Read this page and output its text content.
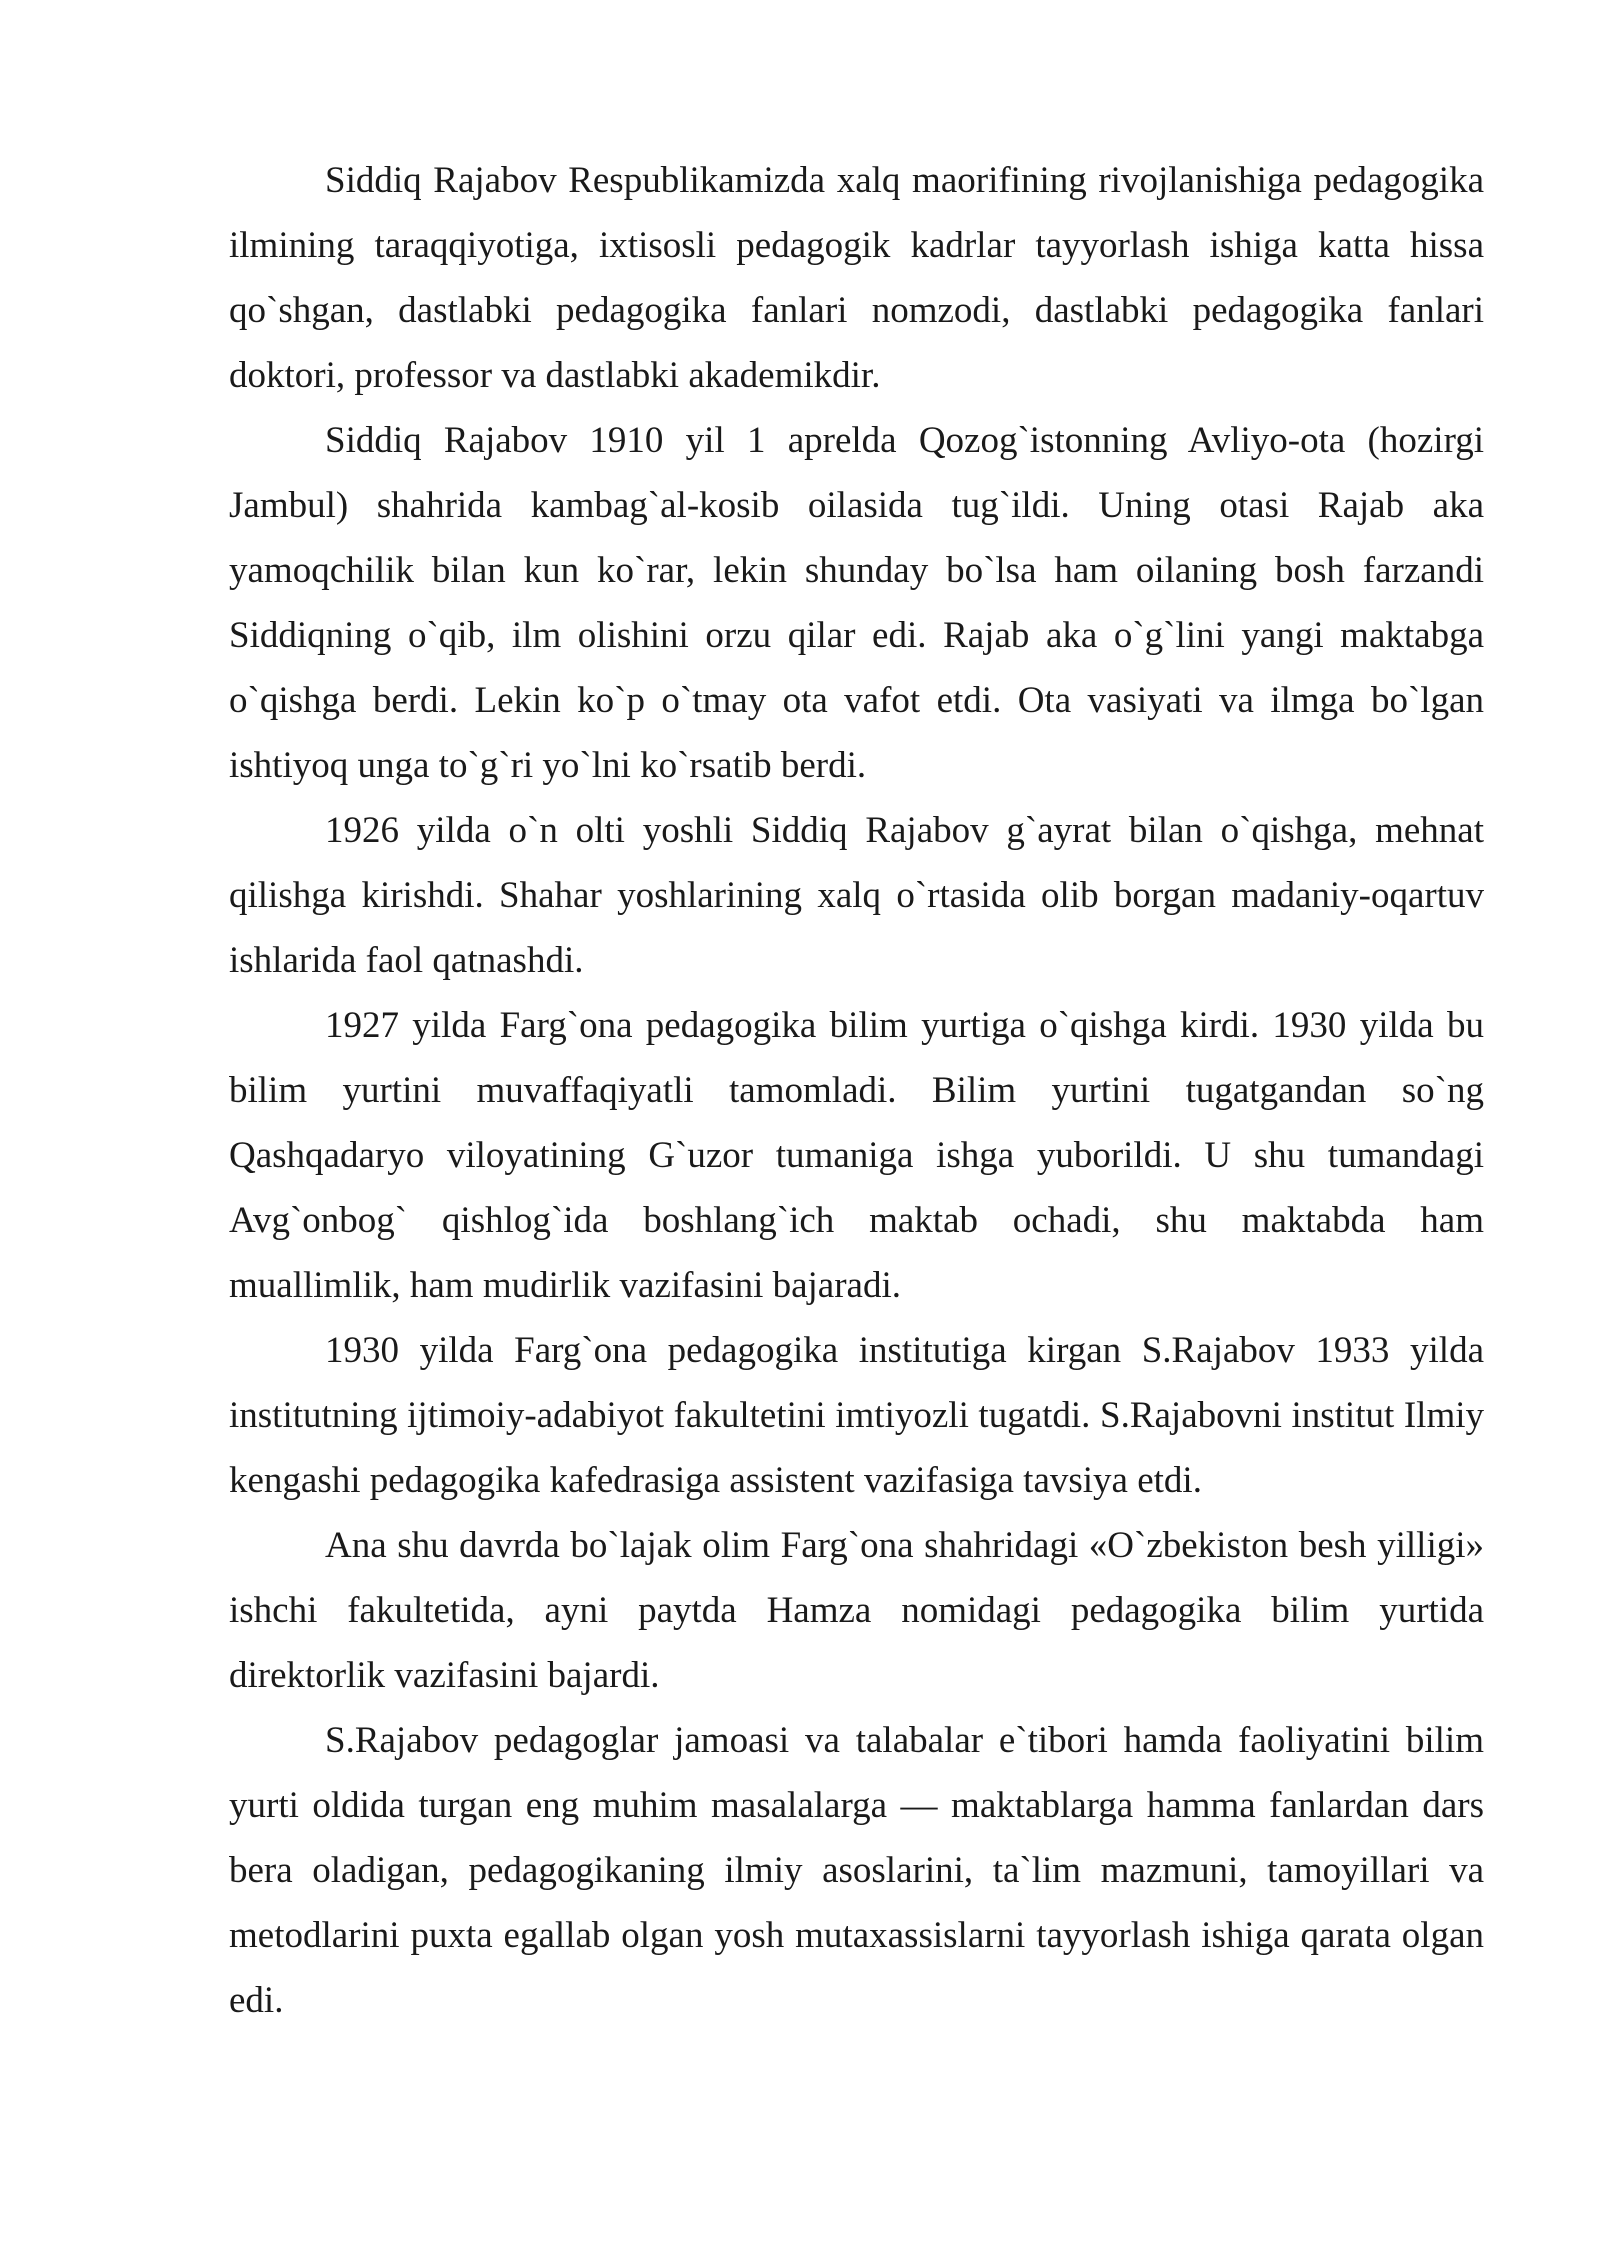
Siddiq Rajabov Respublikamizda xalq maorifining rivojlanishiga pedagogika ilmining taraqqiyotiga, ixtisosli pedagogik kadrlar tayyorlash ishiga katta hissa qo`shgan, dastlabki pedagogika fanlari nomzodi, dastlabki pedagogika fanlari doktori, professor va dastlabki akademikdir.

Siddiq Rajabov 1910 yil 1 aprelda Qozog`istonning Avliyo-ota (hozirgi Jambul) shahrida kambag`al-kosib oilasida tug`ildi. Uning otasi Rajab aka yamoqchilik bilan kun ko`rar, lekin shunday bo`lsa ham oilaning bosh farzandi Siddiqning o`qib, ilm olishini orzu qilar edi. Rajab aka o`g`lini yangi maktabga o`qishga berdi. Lekin ko`p o`tmay ota vafot etdi. Ota vasiyati va ilmga bo`lgan ishtiyoq unga to`g`ri yo`lni ko`rsatib berdi.

1926 yilda o`n olti yoshli Siddiq Rajabov g`ayrat bilan o`qishga, mehnat qilishga kirishdi. Shahar yoshlarining xalq o`rtasida olib borgan madaniy-oqartuv ishlarida faol qatnashdi.

1927 yilda Farg`ona pedagogika bilim yurtiga o`qishga kirdi. 1930 yilda bu bilim yurtini muvaffaqiyatli tamomladi. Bilim yurtini tugatgandan so`ng Qashqadaryo viloyatining G`uzor tumaniga ishga yuborildi. U shu tumandagi Avg`onbog` qishlog`ida boshlang`ich maktab ochadi, shu maktabda ham muallimlik, ham mudirlik vazifasini bajaradi.

1930 yilda Farg`ona pedagogika institutiga kirgan S.Rajabov 1933 yilda institutning ijtimoiy-adabiyot fakultetini imtiyozli tugatdi. S.Rajabovni institut Ilmiy kengashi pedagogika kafedrasiga assistent vazifasiga tavsiya etdi.

Ana shu davrda bo`lajak olim Farg`ona shahridagi «O`zbekiston besh yilligi» ishchi fakultetida, ayni paytda Hamza nomidagi pedagogika bilim yurtida direktorlik vazifasini bajardi.

S.Rajabov pedagoglar jamoasi va talabalar e`tibori hamda faoliyatini bilim yurti oldida turgan eng muhim masalalarga — maktablarga hamma fanlardan dars bera oladigan, pedagogikaning ilmiy asoslarini, ta`lim mazmuni, tamoyillari va metodlarini puxta egallab olgan yosh mutaxassislarni tayyorlash ishiga qarata olgan edi.
